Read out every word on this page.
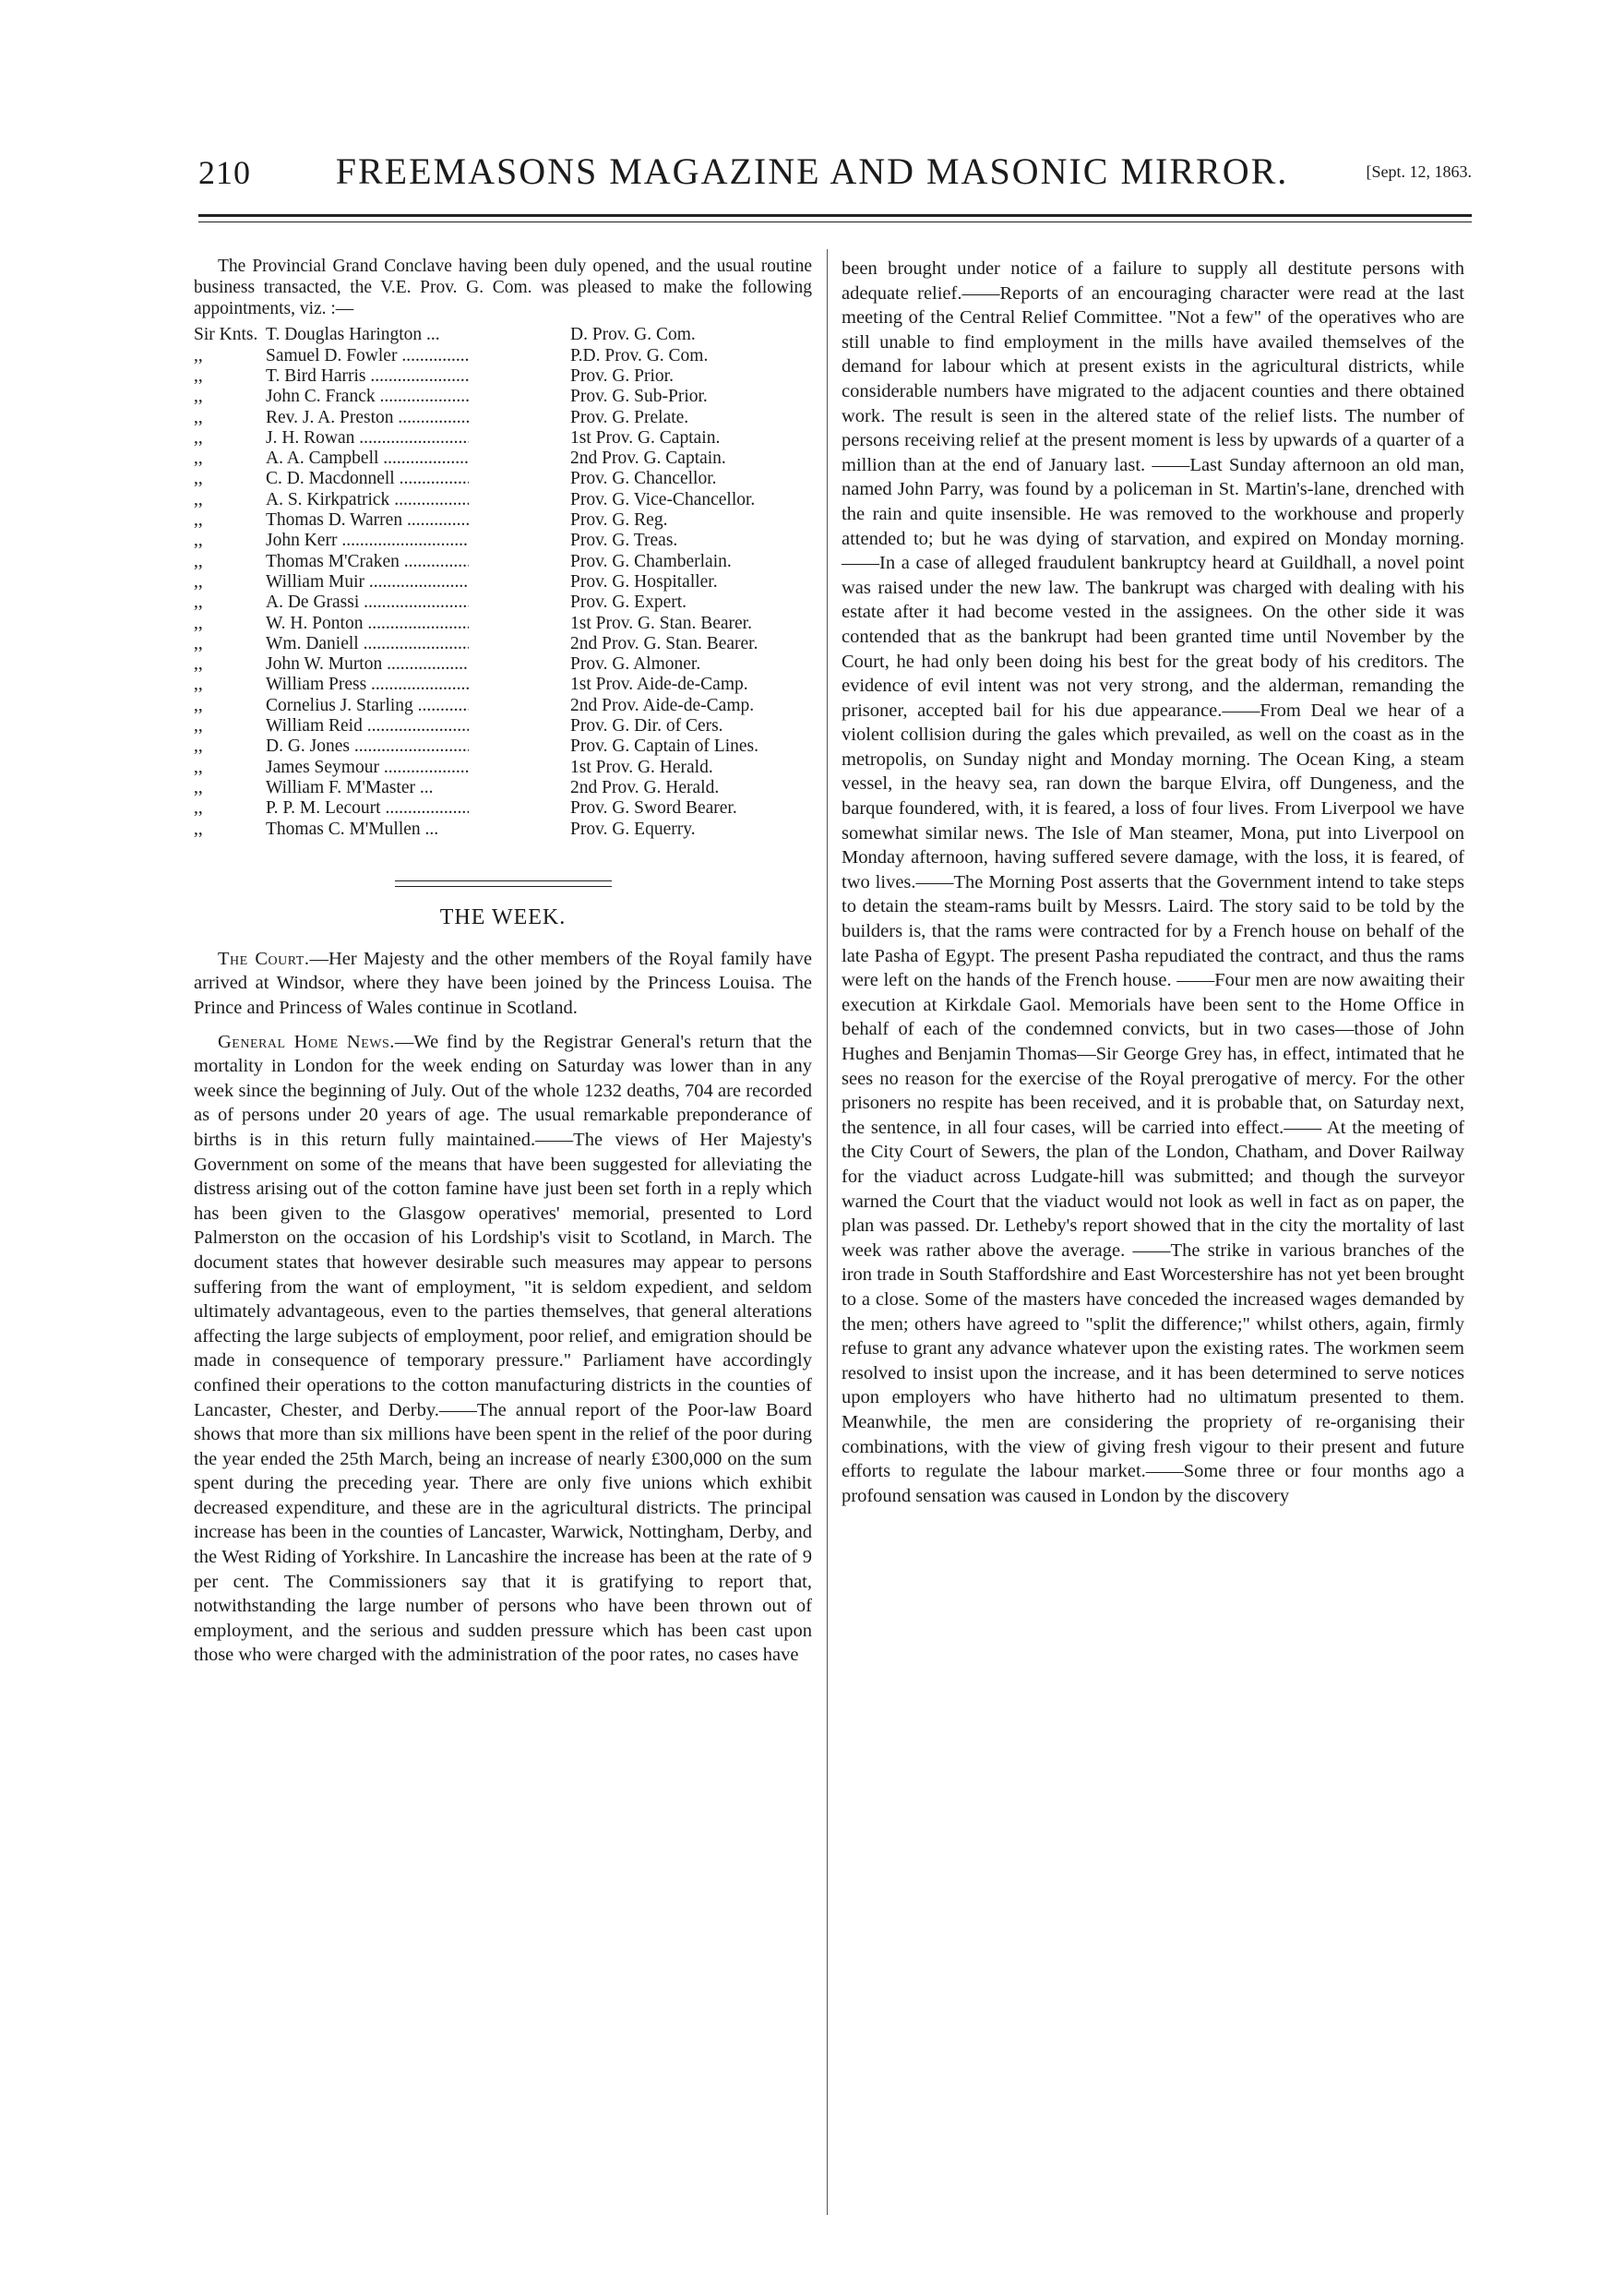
210	FREEMASONS MAGAZINE AND MASONIC MIRROR.	[Sept. 12, 1863.

The Provincial Grand Conclave having been duly opened, and the usual routine business transacted, the V.E. Prov. G. Com. was pleased to make the following appointments, viz. :—

Sir Knts. T. Douglas Harington ...	D. Prov. G. Com.
,,	Samuel D. Fowler .....	P.D. Prov. G. Com.
,,	T. Bird Harris .....	Prov. G. Prior.
,,	John C. Franck .....	Prov. G. Sub-Prior.
,,	Rev. J. A. Preston .....	Prov. G. Prelate.
,,	J. H. Rowan .....	1st Prov. G. Captain.
,,	A. A. Campbell .....	2nd Prov. G. Captain.
,,	C. D. Macdonnell .....	Prov. G. Chancellor.
,,	A. S. Kirkpatrick .....	Prov. G. Vice-Chancellor.
,,	Thomas D. Warren .....	Prov. G. Reg.
,,	John Kerr .....	Prov. G. Treas.
,,	Thomas M'Craken .....	Prov. G. Chamberlain.
,,	William Muir .....	Prov. G. Hospitaller.
,,	A. De Grassi .....	Prov. G. Expert.
,,	W. H. Ponton .....	1st Prov. G. Stan. Bearer.
,,	Wm. Daniell .....	2nd Prov. G. Stan. Bearer.
,,	John W. Murton .....	Prov. G. Almoner.
,,	William Press .....	1st Prov. Aide-de-Camp.
,,	Cornelius J. Starling .....	2nd Prov. Aide-de-Camp.
,,	William Reid .....	Prov. G. Dir. of Cers.
,,	D. G. Jones .....	Prov. G. Captain of Lines.
,,	James Seymour .....	1st Prov. G. Herald.
,,	William F. M'Master ...	2nd Prov. G. Herald.
,,	P. P. M. Lecourt .....	Prov. G. Sword Bearer.
,,	Thomas C. M'Mullen ...	Prov. G. Equerry.
THE WEEK.

The Court.—Her Majesty and the other members of the Royal family have arrived at Windsor, where they have been joined by the Princess Louisa. The Prince and Princess of Wales continue in Scotland.

General Home News.—We find by the Registrar General's return that the mortality in London for the week ending on Saturday was lower than in any week since the beginning of July. Out of the whole 1232 deaths, 704 are recorded as of persons under 20 years of age. The usual remarkable preponderance of births is in this return fully maintained.——The views of Her Majesty's Government on some of the means that have been suggested for alleviating the distress arising out of the cotton famine have just been set forth in a reply which has been given to the Glasgow operatives' memorial, presented to Lord Palmerston on the occasion of his Lordship's visit to Scotland, in March. The document states that however desirable such measures may appear to persons suffering from the want of employment, "it is seldom expedient, and seldom ultimately advantageous, even to the parties themselves, that general alterations affecting the large subjects of employment, poor relief, and emigration should be made in consequence of temporary pressure." Parliament have accordingly confined their operations to the cotton manufacturing districts in the counties of Lancaster, Chester, and Derby.——The annual report of the Poor-law Board shows that more than six millions have been spent in the relief of the poor during the year ended the 25th March, being an increase of nearly £300,000 on the sum spent during the preceding year. There are only five unions which exhibit decreased expenditure, and these are in the agricultural districts. The principal increase has been in the counties of Lancaster, Warwick, Nottingham, Derby, and the West Riding of Yorkshire. In Lancashire the increase has been at the rate of 9 per cent. The Commissioners say that it is gratifying to report that, notwithstanding the large number of persons who have been thrown out of employment, and the serious and sudden pressure which has been cast upon those who were charged with the administration of the poor rates, no cases have

been brought under notice of a failure to supply all destitute persons with adequate relief.——Reports of an encouraging character were read at the last meeting of the Central Relief Committee. "Not a few" of the operatives who are still unable to find employment in the mills have availed themselves of the demand for labour which at present exists in the agricultural districts, while considerable numbers have migrated to the adjacent counties and there obtained work. The result is seen in the altered state of the relief lists. The number of persons receiving relief at the present moment is less by upwards of a quarter of a million than at the end of January last. ——Last Sunday afternoon an old man, named John Parry, was found by a policeman in St. Martin's-lane, drenched with the rain and quite insensible. He was removed to the workhouse and properly attended to; but he was dying of starvation, and expired on Monday morning.——In a case of alleged fraudulent bankruptcy heard at Guildhall, a novel point was raised under the new law. The bankrupt was charged with dealing with his estate after it had become vested in the assignees. On the other side it was contended that as the bankrupt had been granted time until November by the Court, he had only been doing his best for the great body of his creditors. The evidence of evil intent was not very strong, and the alderman, remanding the prisoner, accepted bail for his due appearance.——From Deal we hear of a violent collision during the gales which prevailed, as well on the coast as in the metropolis, on Sunday night and Monday morning. The Ocean King, a steam vessel, in the heavy sea, ran down the barque Elvira, off Dungeness, and the barque foundered, with, it is feared, a loss of four lives. From Liverpool we have somewhat similar news. The Isle of Man steamer, Mona, put into Liverpool on Monday afternoon, having suffered severe damage, with the loss, it is feared, of two lives.——The Morning Post asserts that the Government intend to take steps to detain the steam-rams built by Messrs. Laird. The story said to be told by the builders is, that the rams were contracted for by a French house on behalf of the late Pasha of Egypt. The present Pasha repudiated the contract, and thus the rams were left on the hands of the French house. ——Four men are now awaiting their execution at Kirkdale Gaol. Memorials have been sent to the Home Office in behalf of each of the condemned convicts, but in two cases—those of John Hughes and Benjamin Thomas—Sir George Grey has, in effect, intimated that he sees no reason for the exercise of the Royal prerogative of mercy. For the other prisoners no respite has been received, and it is probable that, on Saturday next, the sentence, in all four cases, will be carried into effect.—— At the meeting of the City Court of Sewers, the plan of the London, Chatham, and Dover Railway for the viaduct across Ludgate-hill was submitted; and though the surveyor warned the Court that the viaduct would not look as well in fact as on paper, the plan was passed. Dr. Letheby's report showed that in the city the mortality of last week was rather above the average. ——The strike in various branches of the iron trade in South Staffordshire and East Worcestershire has not yet been brought to a close. Some of the masters have conceded the increased wages demanded by the men; others have agreed to "split the difference;" whilst others, again, firmly refuse to grant any advance whatever upon the existing rates. The workmen seem resolved to insist upon the increase, and it has been determined to serve notices upon employers who have hitherto had no ultimatum presented to them. Meanwhile, the men are considering the propriety of re-organising their combinations, with the view of giving fresh vigour to their present and future efforts to regulate the labour market.——Some three or four months ago a profound sensation was caused in London by the discovery
